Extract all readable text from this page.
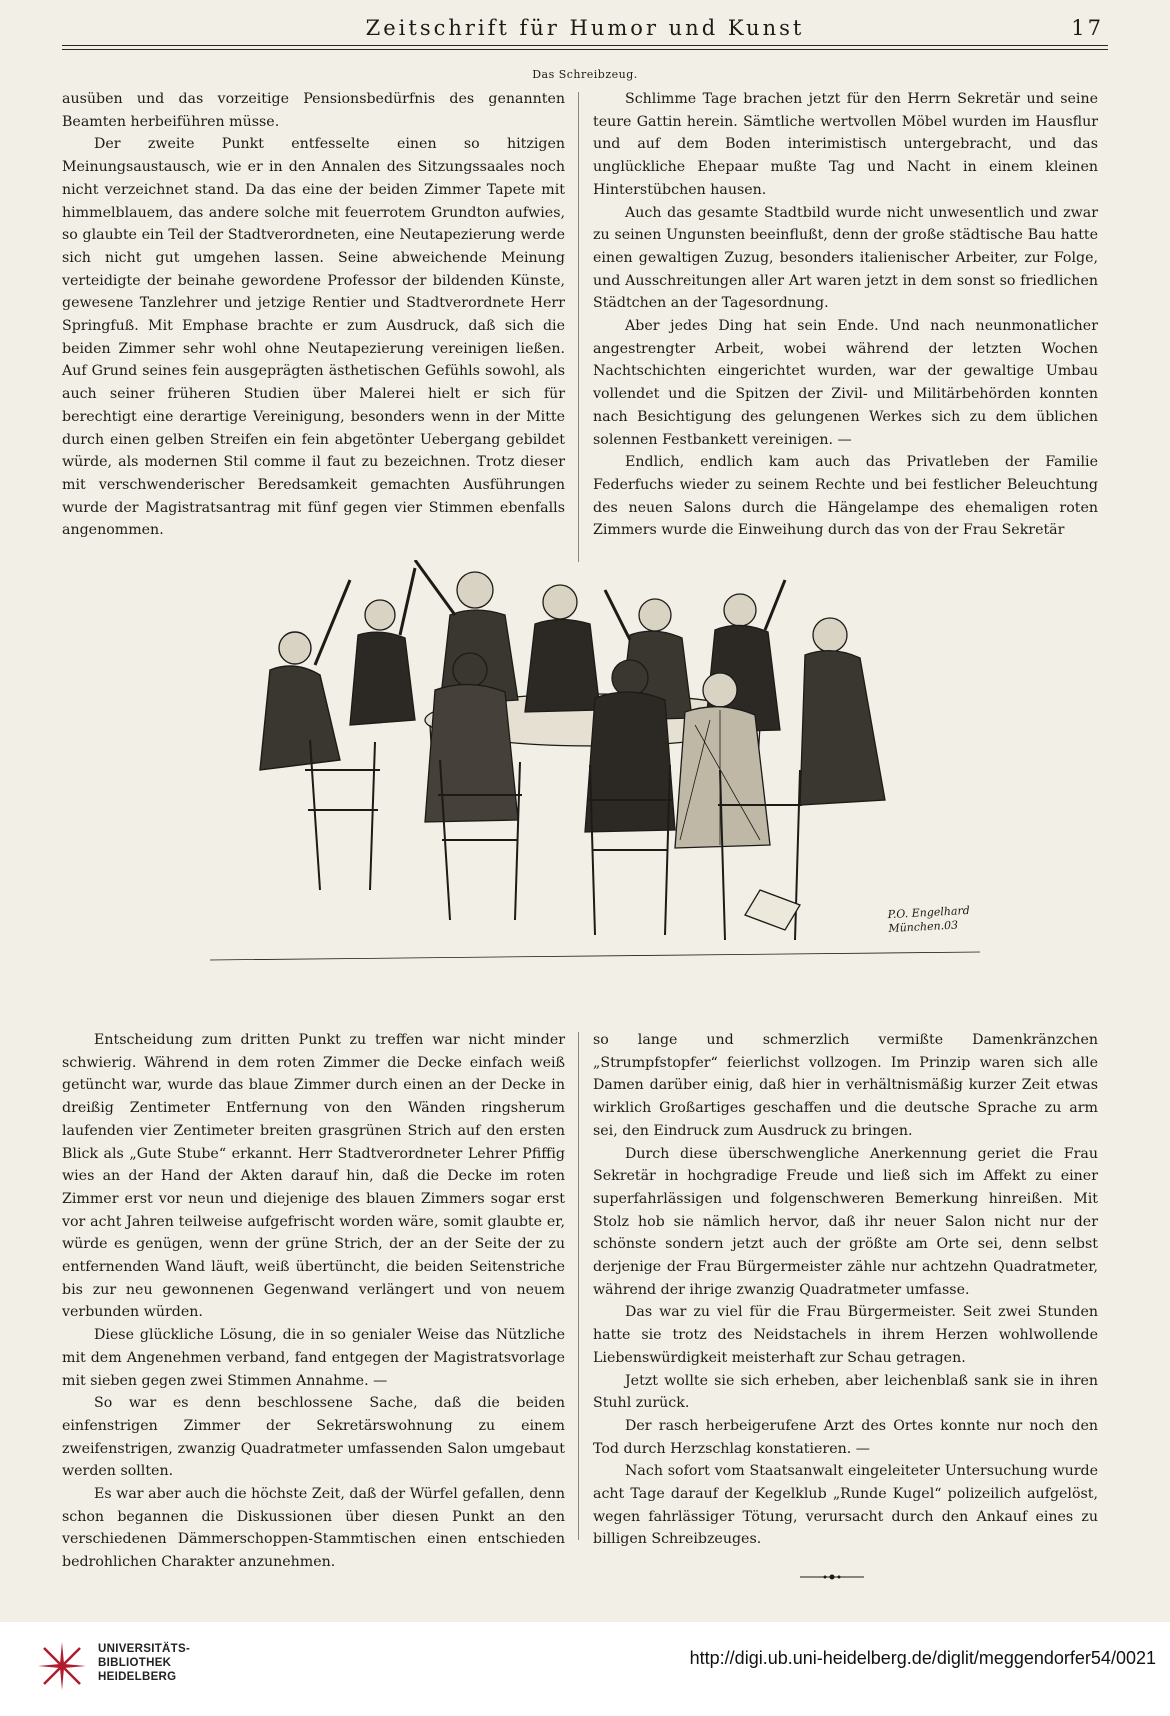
Zeitschrift für Humor und Kunst	17
Das Schreibzeug.

ausüben und das vorzeitige Pensionsbedürfnis des genannten Beamten herbeiführen müsse.

Der zweite Punkt entfesselte einen so hitzigen Meinungsaustausch, wie er in den Annalen des Sitzungssaales noch nicht verzeichnet stand. Da das eine der beiden Zimmer Tapete mit himmelblauem, das andere solche mit feuerrotem Grundton aufwies, so glaubte ein Teil der Stadtverordneten, eine Neutapezierung werde sich nicht gut umgehen lassen. Seine abweichende Meinung verteidigte der beinahe gewordene Professor der bildenden Künste, gewesene Tanzlehrer und jetzige Rentier und Stadtverordnete Herr Springfuß. Mit Emphase brachte er zum Ausdruck, daß sich die beiden Zimmer sehr wohl ohne Neutapezierung vereinigen ließen. Auf Grund seines fein ausgeprägten ästhetischen Gefühls sowohl, als auch seiner früheren Studien über Malerei hielt er sich für berechtigt eine derartige Vereinigung, besonders wenn in der Mitte durch einen gelben Streifen ein fein abgetönter Uebergang gebildet würde, als modernen Stil comme il faut zu bezeichnen. Trotz dieser mit verschwenderischer Beredsamkeit gemachten Ausführungen wurde der Magistratsantrag mit fünf gegen vier Stimmen ebenfalls angenommen.

Schlimme Tage brachen jetzt für den Herrn Sekretär und seine teure Gattin herein. Sämtliche wertvollen Möbel wurden im Hausflur und auf dem Boden interimistisch untergebracht, und das unglückliche Ehepaar mußte Tag und Nacht in einem kleinen Hinterstübchen hausen.

Auch das gesamte Stadtbild wurde nicht unwesentlich und zwar zu seinen Ungunsten beeinflußt, denn der große städtische Bau hatte einen gewaltigen Zuzug, besonders italienischer Arbeiter, zur Folge, und Ausschreitungen aller Art waren jetzt in dem sonst so friedlichen Städtchen an der Tagesordnung.

Aber jedes Ding hat sein Ende. Und nach neunmonatlicher angestrengter Arbeit, wobei während der letzten Wochen Nachtschichten eingerichtet wurden, war der gewaltige Umbau vollendet und die Spitzen der Zivil- und Militärbehörden konnten nach Besichtigung des gelungenen Werkes sich zu dem üblichen solennen Festbankett vereinigen. —

Endlich, endlich kam auch das Privatleben der Familie Federfuchs wieder zu seinem Rechte und bei festlicher Beleuchtung des neuen Salons durch die Hängelampe des ehemaligen roten Zimmers wurde die Einweihung durch das von der Frau Sekretär

P.O. Engelhard
München.03

Entscheidung zum dritten Punkt zu treffen war nicht minder schwierig. Während in dem roten Zimmer die Decke einfach weiß getüncht war, wurde das blaue Zimmer durch einen an der Decke in dreißig Zentimeter Entfernung von den Wänden ringsherum laufenden vier Zentimeter breiten grasgrünen Strich auf den ersten Blick als „Gute Stube“ erkannt. Herr Stadtverordneter Lehrer Pfiffig wies an der Hand der Akten darauf hin, daß die Decke im roten Zimmer erst vor neun und diejenige des blauen Zimmers sogar erst vor acht Jahren teilweise aufgefrischt worden wäre, somit glaubte er, würde es genügen, wenn der grüne Strich, der an der Seite der zu entfernenden Wand läuft, weiß übertüncht, die beiden Seitenstriche bis zur neu gewonnenen Gegenwand verlängert und von neuem verbunden würden.

Diese glückliche Lösung, die in so genialer Weise das Nützliche mit dem Angenehmen verband, fand entgegen der Magistratsvorlage mit sieben gegen zwei Stimmen Annahme. —

So war es denn beschlossene Sache, daß die beiden einfenstrigen Zimmer der Sekretärswohnung zu einem zweifenstrigen, zwanzig Quadratmeter umfassenden Salon umgebaut werden sollten.

Es war aber auch die höchste Zeit, daß der Würfel gefallen, denn schon begannen die Diskussionen über diesen Punkt an den verschiedenen Dämmerschoppen-Stammtischen einen entschieden bedrohlichen Charakter anzunehmen.

so lange und schmerzlich vermißte Damenkränzchen „Strumpfstopfer“ feierlichst vollzogen. Im Prinzip waren sich alle Damen darüber einig, daß hier in verhältnismäßig kurzer Zeit etwas wirklich Großartiges geschaffen und die deutsche Sprache zu arm sei, den Eindruck zum Ausdruck zu bringen.

Durch diese überschwengliche Anerkennung geriet die Frau Sekretär in hochgradige Freude und ließ sich im Affekt zu einer superfahrlässigen und folgenschweren Bemerkung hinreißen. Mit Stolz hob sie nämlich hervor, daß ihr neuer Salon nicht nur der schönste sondern jetzt auch der größte am Orte sei, denn selbst derjenige der Frau Bürgermeister zähle nur achtzehn Quadratmeter, während der ihrige zwanzig Quadratmeter umfasse.

Das war zu viel für die Frau Bürgermeister. Seit zwei Stunden hatte sie trotz des Neidstachels in ihrem Herzen wohlwollende Liebenswürdigkeit meisterhaft zur Schau getragen.

Jetzt wollte sie sich erheben, aber leichenblaß sank sie in ihren Stuhl zurück.

Der rasch herbeigerufene Arzt des Ortes konnte nur noch den Tod durch Herzschlag konstatieren. —

Nach sofort vom Staatsanwalt eingeleiteter Untersuchung wurde acht Tage darauf der Kegelklub „Runde Kugel“ polizeilich aufgelöst, wegen fahrlässiger Tötung, verursacht durch den Ankauf eines zu billigen Schreibzeuges.

UNIVERSITÄTS-
BIBLIOTHEK
HEIDELBERG
http://digi.ub.uni-heidelberg.de/diglit/meggendorfer54/0021
